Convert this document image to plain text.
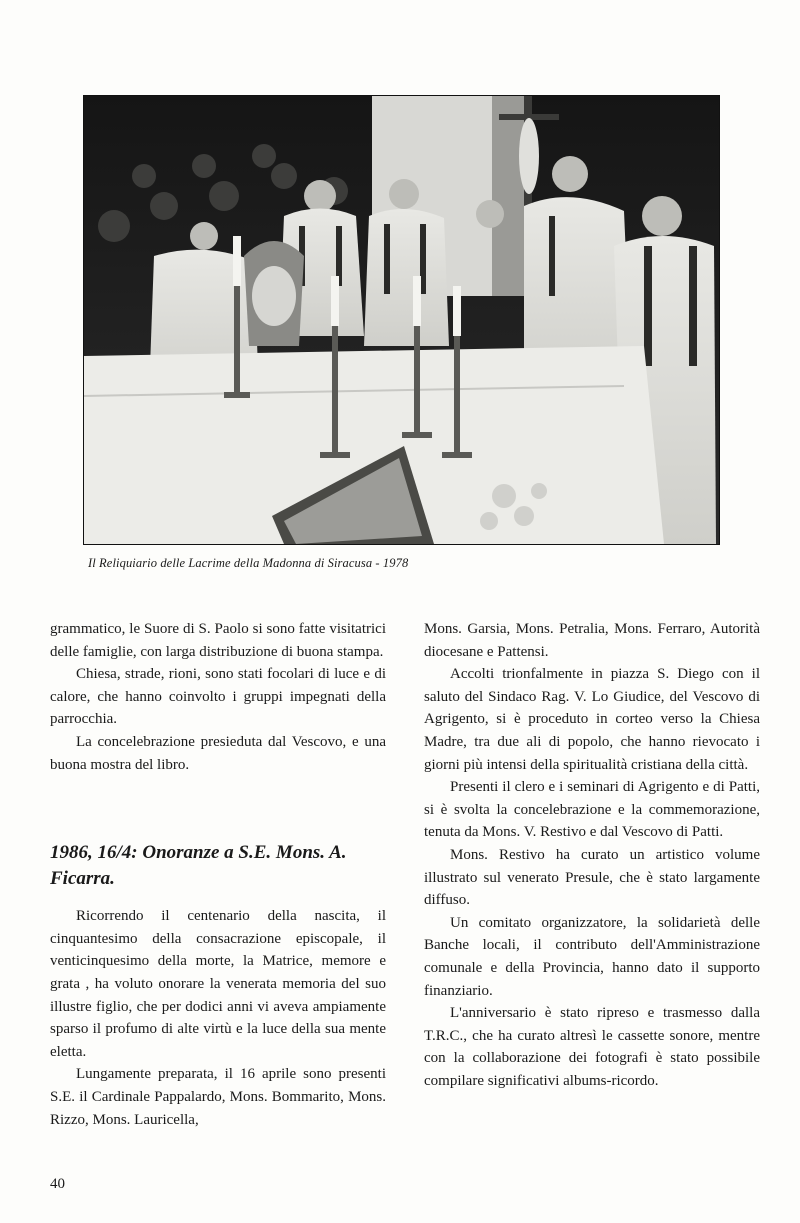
Il Reliquiario delle Lacrime della Madonna di Siracusa - 1978

grammatico, le Suore di S. Paolo si sono fatte visitatrici delle famiglie, con larga distribuzione di buona stampa.

Chiesa, strade, rioni, sono stati focolari di luce e di calore, che hanno coinvolto i gruppi impegnati della parrocchia.

La concelebrazione presieduta dal Vescovo, e una buona mostra del libro.

1986, 16/4: Onoranze a S.E. Mons. A. Ficarra.

Ricorrendo il centenario della nascita, il cinquantesimo della consacrazione episcopale, il venticinquesimo della morte, la Matrice, memore e grata , ha voluto onorare la venerata memoria del suo illustre figlio, che per dodici anni vi aveva ampiamente sparso il profumo di alte virtù e la luce della sua mente eletta.

Lungamente preparata, il 16 aprile sono presenti S.E. il Cardinale Pappalardo, Mons. Bommarito, Mons. Rizzo, Mons. Lauricella,

Mons. Garsia, Mons. Petralia, Mons. Ferraro, Autorità diocesane e Pattensi.

Accolti trionfalmente in piazza S. Diego con il saluto del Sindaco Rag. V. Lo Giudice, del Vescovo di Agrigento, si è proceduto in corteo verso la Chiesa Madre, tra due ali di popolo, che hanno rievocato i giorni più intensi della spiritualità cristiana della città.

Presenti il clero e i seminari di Agrigento e di Patti, si è svolta la concelebrazione e la commemorazione, tenuta da Mons. V. Restivo e dal Vescovo di Patti.

Mons. Restivo ha curato un artistico volume illustrato sul venerato Presule, che è stato largamente diffuso.

Un comitato organizzatore, la solidarietà delle Banche locali, il contributo dell'Amministrazione comunale e della Provincia, hanno dato il supporto finanziario.

L'anniversario è stato ripreso e trasmesso dalla T.R.C., che ha curato altresì le cassette sonore, mentre con la collaborazione dei fotografi è stato possibile compilare significativi albums-ricordo.

40
